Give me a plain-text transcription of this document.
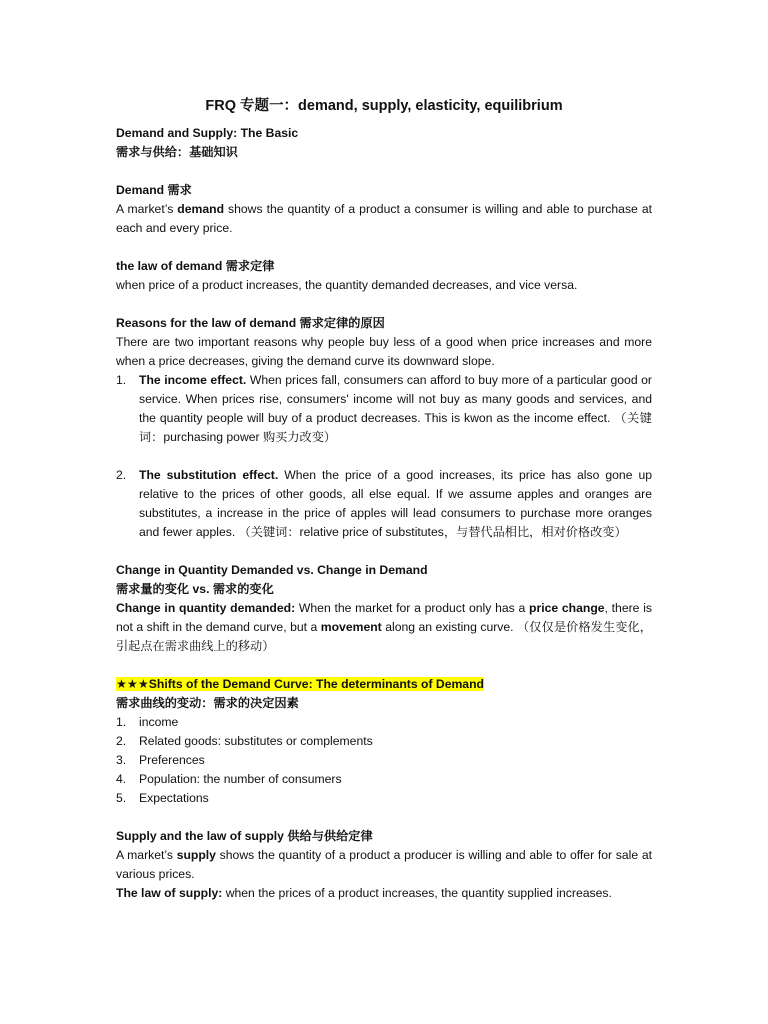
FRQ 专题一：demand, supply, elasticity, equilibrium
Demand and Supply: The Basic
需求与供给：基础知识
Demand 需求
A market’s demand shows the quantity of a product a consumer is willing and able to purchase at each and every price.
the law of demand 需求定律
when price of a product increases, the quantity demanded decreases, and vice versa.
Reasons for the law of demand 需求定律的原因
There are two important reasons why people buy less of a good when price increases and more when a price decreases, giving the demand curve its downward slope.
1. The income effect. When prices fall, consumers can afford to buy more of a particular good or service. When prices rise, consumers' income will not buy as many goods and services, and the quantity people will buy of a product decreases. This is kwon as the income effect. （关键词：purchasing power 购买力改变）
2. The substitution effect. When the price of a good increases, its price has also gone up relative to the prices of other goods, all else equal. If we assume apples and oranges are substitutes, a increase in the price of apples will lead consumers to purchase more oranges and fewer apples. （关键词：relative price of substitutes，与替代品相比，相对价格改变）
Change in Quantity Demanded vs. Change in Demand
需求量的变化 vs. 需求的变化
Change in quantity demanded: When the market for a product only has a price change, there is not a shift in the demand curve, but a movement along an existing curve. （仅仅是价格发生变化，引起点在需求曲线上的移动）
★★★Shifts of the Demand Curve: The determinants of Demand
需求曲线的变动：需求的决定因素
1. income
2. Related goods: substitutes or complements
3. Preferences
4. Population: the number of consumers
5. Expectations
Supply and the law of supply 供给与供给定律
A market’s supply shows the quantity of a product a producer is willing and able to offer for sale at various prices.
The law of supply: when the prices of a product increases, the quantity supplied increases.
